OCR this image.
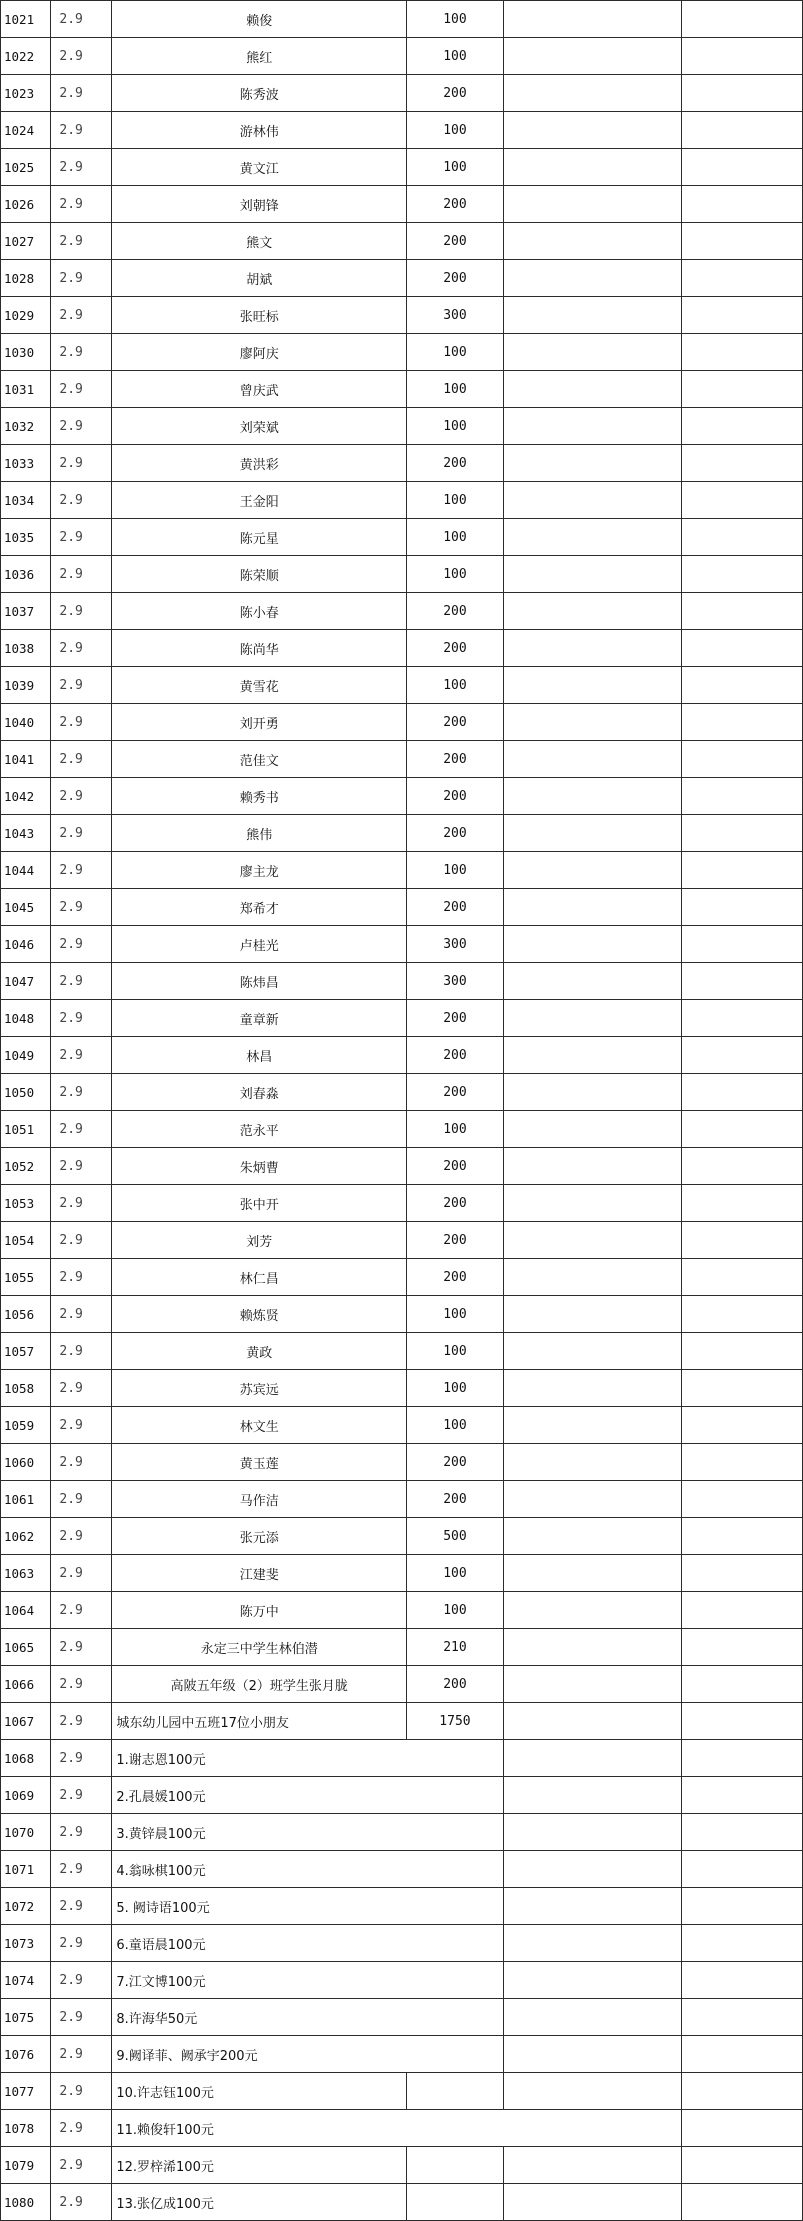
1021	2.9	赖俊	100		
1022	2.9	熊红	100		
1023	2.9	陈秀波	200		
1024	2.9	游林伟	100		
1025	2.9	黄文江	100		
1026	2.9	刘朝锋	200		
1027	2.9	熊文	200		
1028	2.9	胡斌	200		
1029	2.9	张旺标	300		
1030	2.9	廖阿庆	100		
1031	2.9	曾庆武	100		
1032	2.9	刘荣斌	100		
1033	2.9	黄洪彩	200		
1034	2.9	王金阳	100		
1035	2.9	陈元星	100		
1036	2.9	陈荣顺	100		
1037	2.9	陈小春	200		
1038	2.9	陈尚华	200		
1039	2.9	黄雪花	100		
1040	2.9	刘开勇	200		
1041	2.9	范佳文	200		
1042	2.9	赖秀书	200		
1043	2.9	熊伟	200		
1044	2.9	廖主龙	100		
1045	2.9	郑希才	200		
1046	2.9	卢桂光	300		
1047	2.9	陈炜昌	300		
1048	2.9	童章新	200		
1049	2.9	林昌	200		
1050	2.9	刘春淼	200		
1051	2.9	范永平	100		
1052	2.9	朱炳曹	200		
1053	2.9	张中开	200		
1054	2.9	刘芳	200		
1055	2.9	林仁昌	200		
1056	2.9	赖炼贤	100		
1057	2.9	黄政	100		
1058	2.9	苏宾远	100		
1059	2.9	林文生	100		
1060	2.9	黄玉莲	200		
1061	2.9	马作洁	200		
1062	2.9	张元添	500		
1063	2.9	江建斐	100		
1064	2.9	陈万中	100		
1065	2.9	永定三中学生林伯潜	210		
1066	2.9	高陂五年级（2）班学生张月胧	200		
1067	2.9	城东幼儿园中五班17位小朋友	1750		
1068	2.9	1.谢志恩100元			
1069	2.9	2.孔晨媛100元			
1070	2.9	3.黄锌晨100元			
1071	2.9	4.翁咏棋100元			
1072	2.9	5. 阙诗语100元			
1073	2.9	6.童语晨100元			
1074	2.9	7.江文博100元			
1075	2.9	8.许海华50元			
1076	2.9	9.阙译菲、阙承宇200元			
1077	2.9	10.许志钰100元			
1078	2.9	11.赖俊轩100元			
1079	2.9	12.罗梓浠100元			
1080	2.9	13.张亿成100元			
